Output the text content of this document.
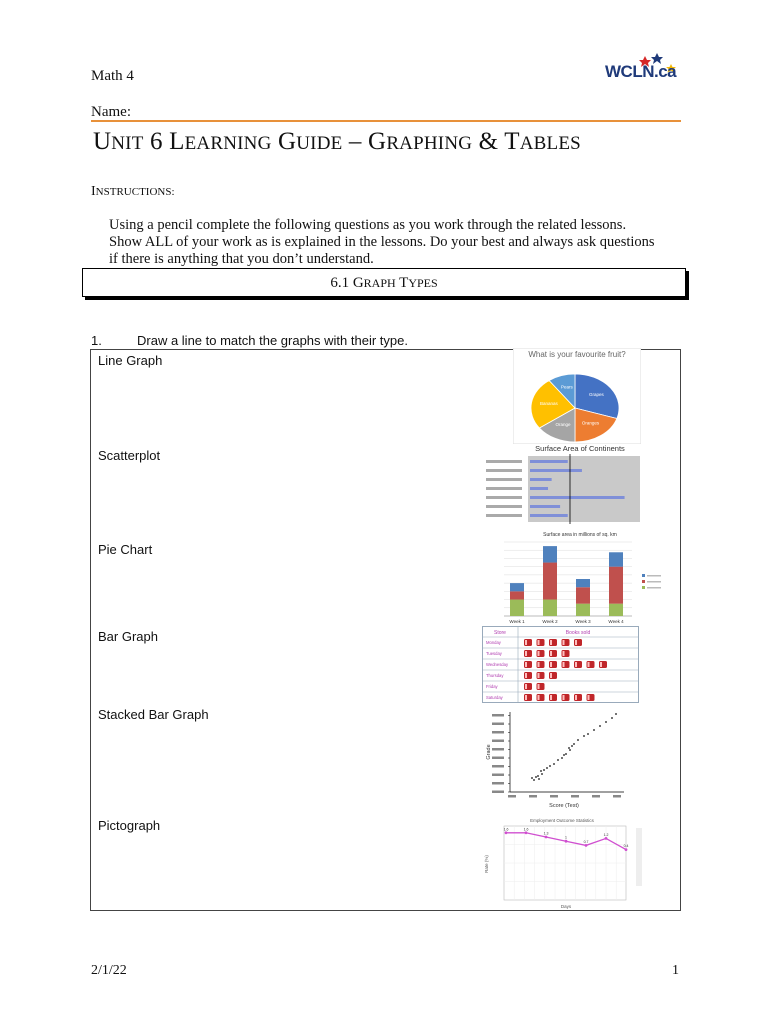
Math 4	WCLN.ca
Name:
UNIT 6 LEARNING GUIDE – GRAPHING & TABLES
INSTRUCTIONS:
Using a pencil complete the following questions as you work through the related lessons.
Show ALL of your work as is explained in the lessons. Do your best and always ask questions
if there is anything that you don’t understand.
6.1 GRAPH TYPES
1.	Draw a line to match the graphs with their type.
Line Graph
Scatterplot
Pie Chart
Bar Graph
Stacked Bar Graph
Pictograph
What is your favourite fruit?
Grapes
Oranges
Orange
Bananas
Pears
Surface Area of Continents
Surface area in millions of sq. km
Week 1	Week 2	Week 3	Week 4
Store	Books sold
Monday
Tuesday
Wednesday
Thursday
Friday
Saturday
Score (Test)
Grade
Employment Outcome Statistics
1.6	1.6
1.3
1
0.7
1.2
0.4
Days
Rate (%)
2/1/22	1
